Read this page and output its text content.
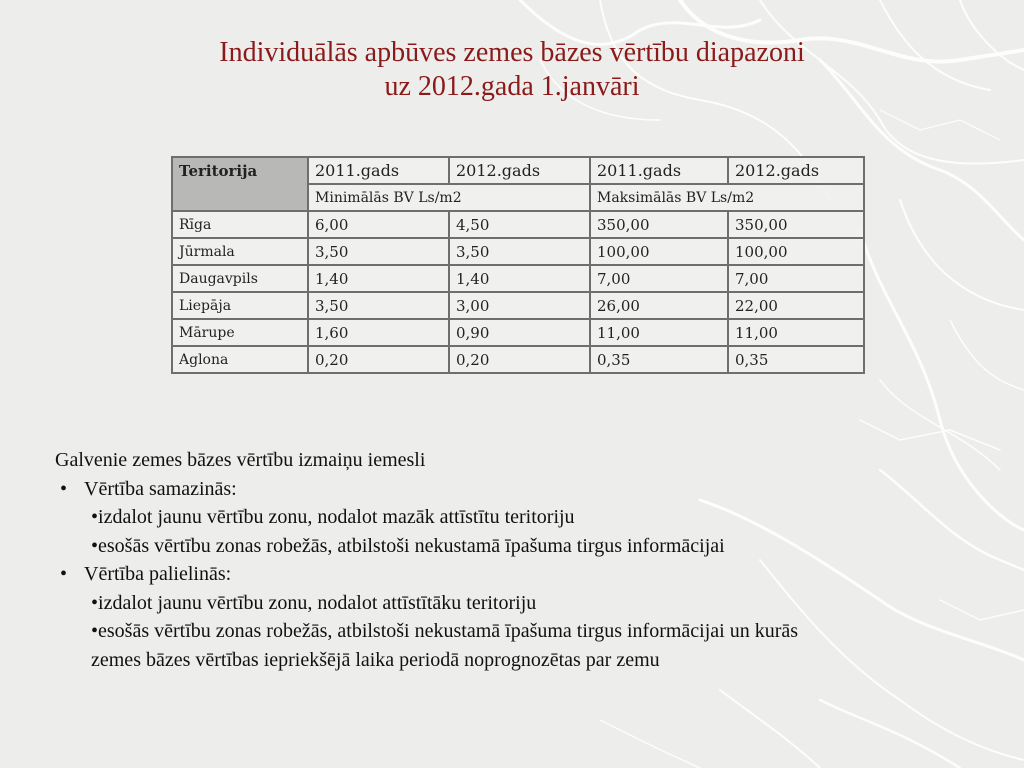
Individuālās apbūves zemes bāzes vērtību diapazoni
uz 2012.gada 1.janvāri
Teritorija	2011.gads	2012.gads	2011.gads	2012.gads
	Minimālās BV Ls/m2		Maksimālās BV Ls/m2	
Rīga	6,00	4,50	350,00	350,00
Jūrmala	3,50	3,50	100,00	100,00
Daugavpils	1,40	1,40	7,00	7,00
Liepāja	3,50	3,00	26,00	22,00
Mārupe	1,60	0,90	11,00	11,00
Aglona	0,20	0,20	0,35	0,35
Galvenie zemes bāzes vērtību izmaiņu iemesli
• Vērtība samazinās:
•izdalot jaunu vērtību zonu, nodalot mazāk attīstītu teritoriju
•esošās vērtību zonas robežās, atbilstoši nekustamā īpašuma tirgus informācijai
• Vērtība palielinās:
•izdalot jaunu vērtību zonu, nodalot attīstītāku teritoriju
•esošās vērtību zonas robežās, atbilstoši nekustamā īpašuma tirgus informācijai un kurās
zemes bāzes vērtības iepriekšējā laika periodā noprognozētas par zemu
